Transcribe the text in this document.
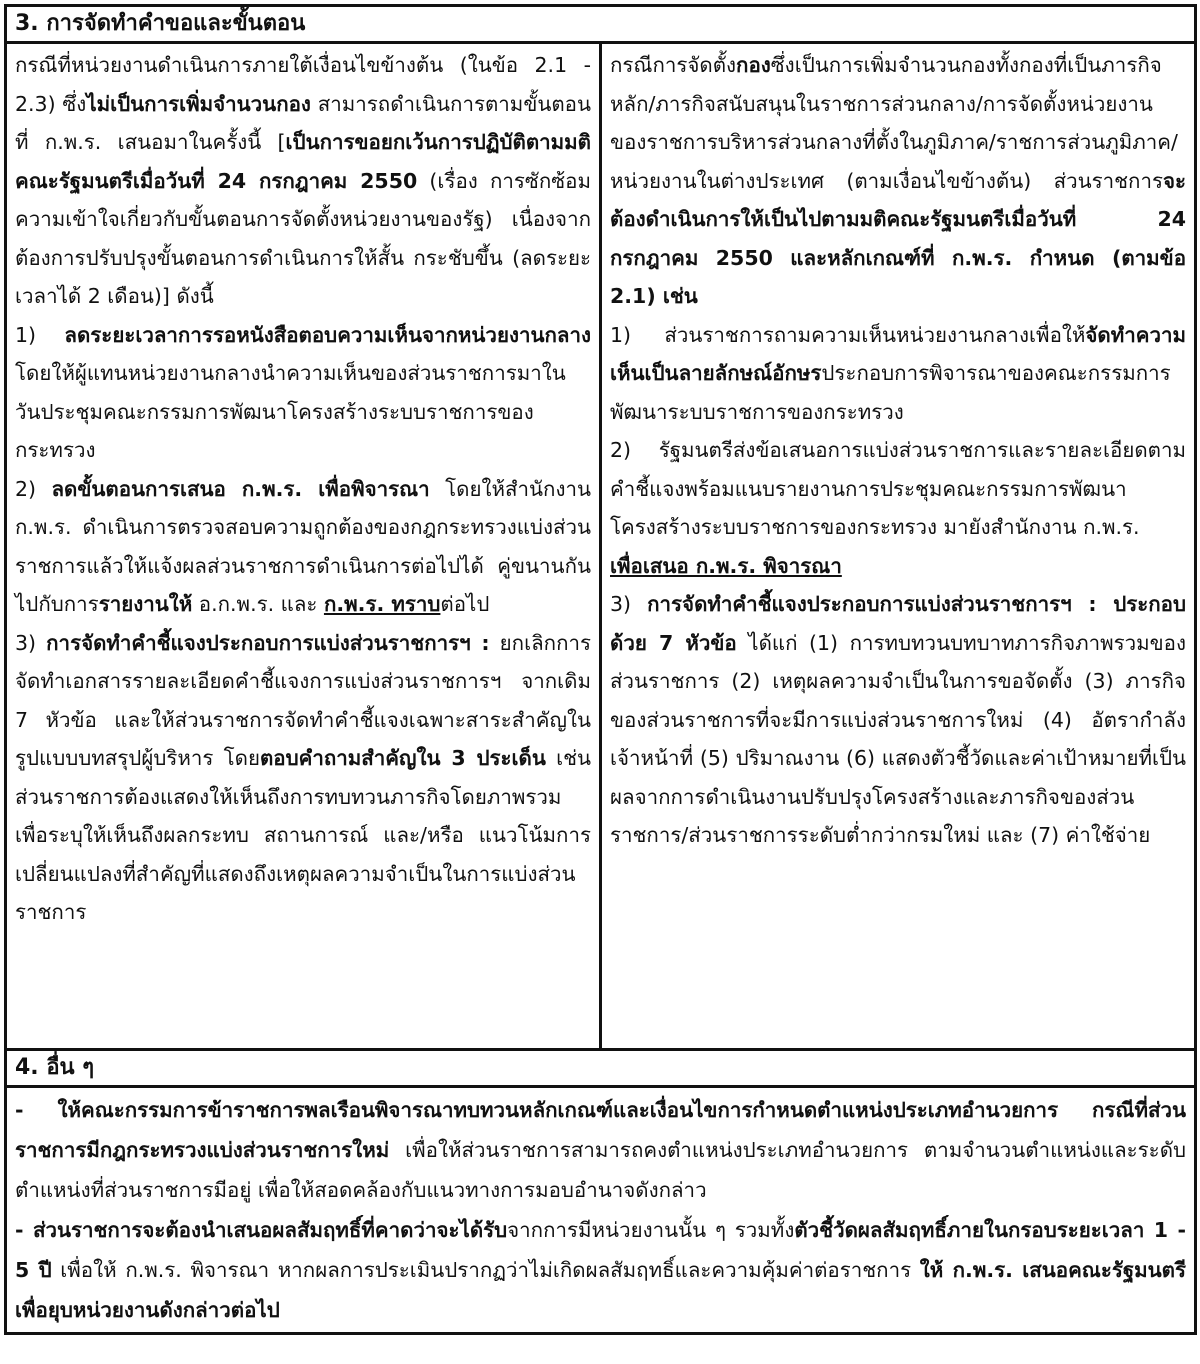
3. การจัดทำคำขอและขั้นตอน

กรณีที่หน่วยงานดำเนินการภายใต้เงื่อนไขข้างต้น (ในข้อ 2.1 - 2.3) ซึ่งไม่เป็นการเพิ่มจำนวนกอง สามารถดำเนินการตามขั้นตอนที่ ก.พ.ร. เสนอมาในครั้งนี้ [เป็นการขอยกเว้นการปฏิบัติตามมติคณะรัฐมนตรีเมื่อวันที่ 24 กรกฎาคม 2550 (เรื่อง การซักซ้อมความเข้าใจเกี่ยวกับขั้นตอนการจัดตั้งหน่วยงานของรัฐ) เนื่องจากต้องการปรับปรุงขั้นตอนการดำเนินการให้สั้น กระชับขึ้น (ลดระยะเวลาได้ 2 เดือน)] ดังนี้

1) ลดระยะเวลาการรอหนังสือตอบความเห็นจากหน่วยงานกลาง โดยให้ผู้แทนหน่วยงานกลางนำความเห็นของส่วนราชการมาในวันประชุมคณะกรรมการพัฒนาโครงสร้างระบบราชการของกระทรวง

2) ลดขั้นตอนการเสนอ ก.พ.ร. เพื่อพิจารณา โดยให้สำนักงาน ก.พ.ร. ดำเนินการตรวจสอบความถูกต้องของกฎกระทรวงแบ่งส่วนราชการแล้วให้แจ้งผลส่วนราชการดำเนินการต่อไปได้ คู่ขนานกันไปกับการรายงานให้ อ.ก.พ.ร. และ ก.พ.ร. ทราบต่อไป

3) การจัดทำคำชี้แจงประกอบการแบ่งส่วนราชการฯ : ยกเลิกการจัดทำเอกสารรายละเอียดคำชี้แจงการแบ่งส่วนราชการฯ จากเดิม 7 หัวข้อ และให้ส่วนราชการจัดทำคำชี้แจงเฉพาะสาระสำคัญในรูปแบบบทสรุปผู้บริหาร โดยตอบคำถามสำคัญใน 3 ประเด็น เช่น ส่วนราชการต้องแสดงให้เห็นถึงการทบทวนภารกิจโดยภาพรวมเพื่อระบุให้เห็นถึงผลกระทบ สถานการณ์ และ/หรือ แนวโน้มการเปลี่ยนแปลงที่สำคัญที่แสดงถึงเหตุผลความจำเป็นในการแบ่งส่วนราชการ

กรณีการจัดตั้งกองซึ่งเป็นการเพิ่มจำนวนกองทั้งกองที่เป็นภารกิจหลัก/ภารกิจสนับสนุนในราชการส่วนกลาง/การจัดตั้งหน่วยงานของราชการบริหารส่วนกลางที่ตั้งในภูมิภาค/ราชการส่วนภูมิภาค/หน่วยงานในต่างประเทศ (ตามเงื่อนไขข้างต้น) ส่วนราชการจะต้องดำเนินการให้เป็นไปตามมติคณะรัฐมนตรีเมื่อวันที่ 24 กรกฎาคม 2550 และหลักเกณฑ์ที่ ก.พ.ร. กำหนด (ตามข้อ 2.1) เช่น

1) ส่วนราชการถามความเห็นหน่วยงานกลางเพื่อให้จัดทำความเห็นเป็นลายลักษณ์อักษรประกอบการพิจารณาของคณะกรรมการพัฒนาระบบราชการของกระทรวง

2) รัฐมนตรีส่งข้อเสนอการแบ่งส่วนราชการและรายละเอียดตามคำชี้แจงพร้อมแนบรายงานการประชุมคณะกรรมการพัฒนาโครงสร้างระบบราชการของกระทรวง มายังสำนักงาน ก.พ.ร.

เพื่อเสนอ ก.พ.ร. พิจารณา

3) การจัดทำคำชี้แจงประกอบการแบ่งส่วนราชการฯ : ประกอบด้วย 7 หัวข้อ ได้แก่ (1) การทบทวนบทบาทภารกิจภาพรวมของส่วนราชการ (2) เหตุผลความจำเป็นในการขอจัดตั้ง (3) ภารกิจของส่วนราชการที่จะมีการแบ่งส่วนราชการใหม่ (4) อัตรากำลังเจ้าหน้าที่ (5) ปริมาณงาน (6) แสดงตัวชี้วัดและค่าเป้าหมายที่เป็นผลจากการดำเนินงานปรับปรุงโครงสร้างและภารกิจของส่วนราชการ/ส่วนราชการระดับต่ำกว่ากรมใหม่ และ (7) ค่าใช้จ่าย

4. อื่น ๆ

- ให้คณะกรรมการข้าราชการพลเรือนพิจารณาทบทวนหลักเกณฑ์และเงื่อนไขการกำหนดตำแหน่งประเภทอำนวยการ กรณีที่ส่วนราชการมีกฎกระทรวงแบ่งส่วนราชการใหม่ เพื่อให้ส่วนราชการสามารถคงตำแหน่งประเภทอำนวยการ ตามจำนวนตำแหน่งและระดับตำแหน่งที่ส่วนราชการมีอยู่ เพื่อให้สอดคล้องกับแนวทางการมอบอำนาจดังกล่าว

- ส่วนราชการจะต้องนำเสนอผลสัมฤทธิ์ที่คาดว่าจะได้รับจากการมีหน่วยงานนั้น ๆ รวมทั้งตัวชี้วัดผลสัมฤทธิ์ภายในกรอบระยะเวลา 1 - 5 ปี เพื่อให้ ก.พ.ร. พิจารณา หากผลการประเมินปรากฏว่าไม่เกิดผลสัมฤทธิ์และความคุ้มค่าต่อราชการ ให้ ก.พ.ร. เสนอคณะรัฐมนตรีเพื่อยุบหน่วยงานดังกล่าวต่อไป
